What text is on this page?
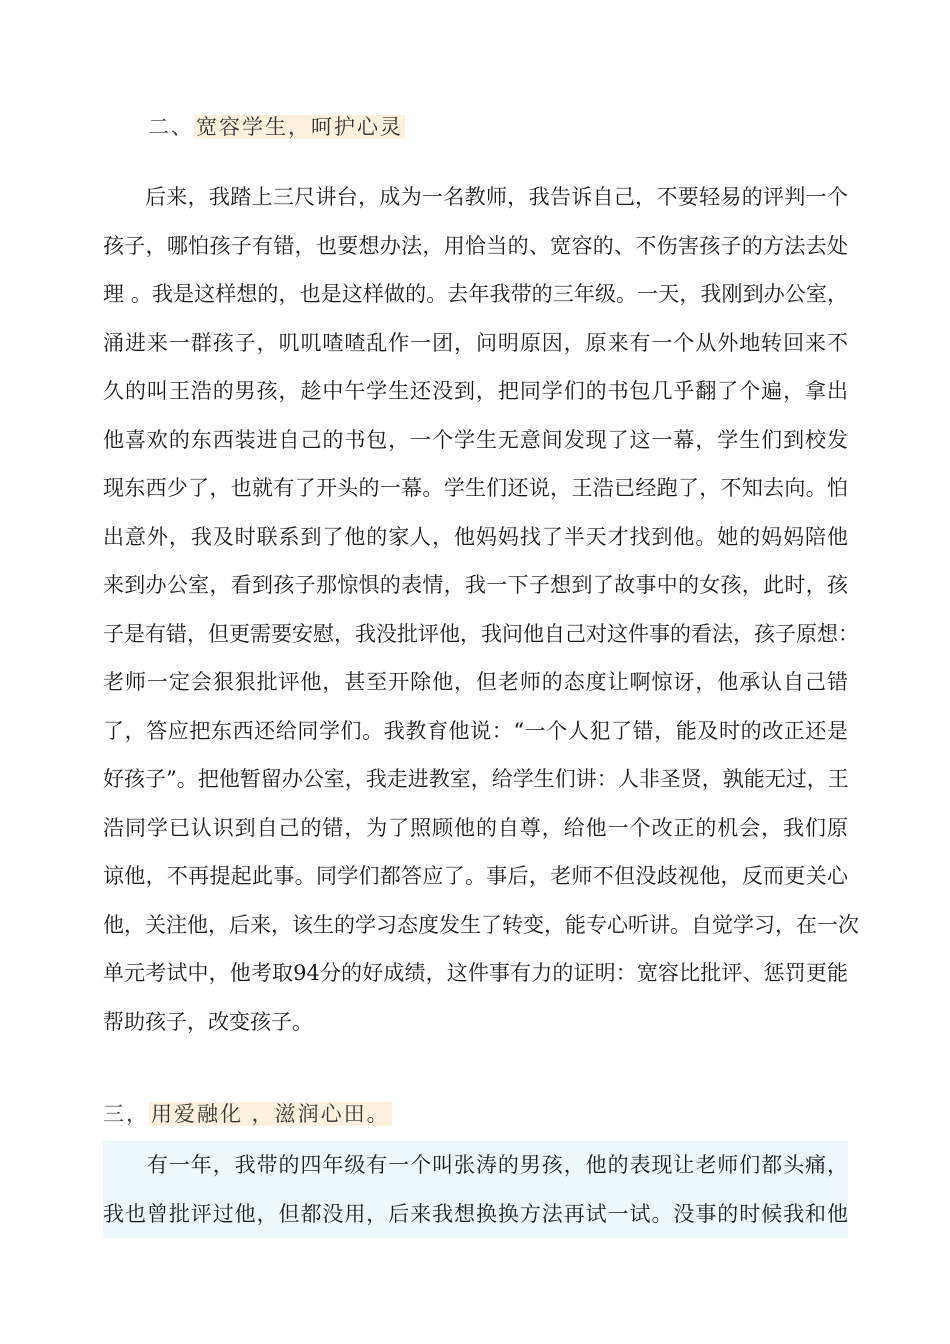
二、宽容学生，呵护心灵
后来，我踏上三尺讲台，成为一名教师，我告诉自己，不要轻易的评判一个
孩子，哪怕孩子有错，也要想办法，用恰当的、宽容的、不伤害孩子的方法去处
理 。我是这样想的，也是这样做的。去年我带的三年级。一天，我刚到办公室，
涌进来一群孩子，叽叽喳喳乱作一团，问明原因，原来有一个从外地转回来不
久的叫王浩的男孩，趁中午学生还没到，把同学们的书包几乎翻了个遍，拿出
他喜欢的东西装进自己的书包，一个学生无意间发现了这一幕，学生们到校发
现东西少了，也就有了开头的一幕。学生们还说，王浩已经跑了，不知去向。怕
出意外，我及时联系到了他的家人，他妈妈找了半天才找到他。她的妈妈陪他
来到办公室，看到孩子那惊惧的表情，我一下子想到了故事中的女孩，此时，孩
子是有错，但更需要安慰，我没批评他，我问他自己对这件事的看法，孩子原想：
老师一定会狠狠批评他，甚至开除他，但老师的态度让啊惊讶，他承认自己错
了，答应把东西还给同学们。我教育他说：“一个人犯了错，能及时的改正还是
好孩子”。把他暂留办公室，我走进教室，给学生们讲：人非圣贤，孰能无过，王
浩同学已认识到自己的错，为了照顾他的自尊，给他一个改正的机会，我们原
谅他，不再提起此事。同学们都答应了。事后，老师不但没歧视他，反而更关心
他，关注他，后来，该生的学习态度发生了转变，能专心听讲。自觉学习，在一次
单元考试中，他考取94分的好成绩，这件事有力的证明：宽容比批评、惩罚更能
帮助孩子，改变孩子。
三，用爱融化 ，滋润心田。
　　有一年，我带的四年级有一个叫张涛的男孩，他的表现让老师们都头痛，
我也曾批评过他，但都没用，后来我想换换方法再试一试。没事的时候我和他
